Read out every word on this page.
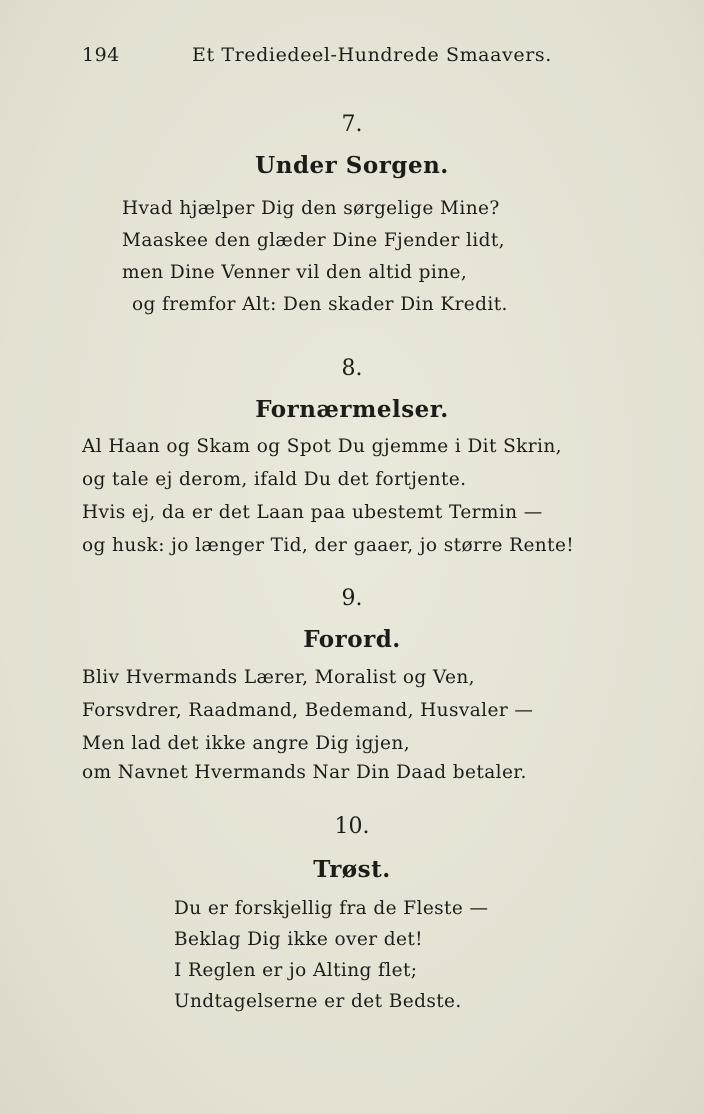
194	Et Trediedeel-Hundrede Smaavers.
7.
Under Sorgen.
Hvad hjælper Dig den sørgelige Mine?
Maaskee den glæder Dine Fjender lidt,
men Dine Venner vil den altid pine,
og fremfor Alt: Den skader Din Kredit.
8.
Fornærmelser.
Al Haan og Skam og Spot Du gjemme i Dit Skrin,
og tale ej derom, ifald Du det fortjente.
Hvis ej, da er det Laan paa ubestemt Termin —
og husk: jo længer Tid, der gaaer, jo større Rente!
9.
Forord.
Bliv Hvermands Lærer, Moralist og Ven,
Forsvdrer, Raadmand, Bedemand, Husvaler —
Men lad det ikke angre Dig igjen,
om Navnet Hvermands Nar Din Daad betaler.
10.
Trøst.
Du er forskjellig fra de Fleste —
Beklag Dig ikke over det!
I Reglen er jo Alting flet;
Undtagelserne er det Bedste.
